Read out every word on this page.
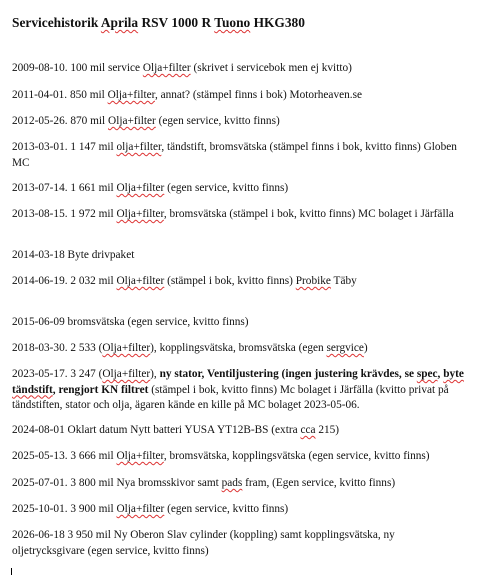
Servicehistorik Aprila RSV 1000 R Tuono HKG380
2009-08-10. 100 mil service Olja+filter (skrivet i servicebok men ej kvitto)
2011-04-01. 850 mil Olja+filter, annat? (stämpel finns i bok) Motorheaven.se
2012-05-26. 870 mil Olja+filter (egen service, kvitto finns)
2013-03-01. 1 147 mil olja+filter, tändstift, bromsvätska (stämpel finns i bok, kvitto finns) Globen MC
2013-07-14. 1 661 mil Olja+filter (egen service, kvitto finns)
2013-08-15. 1 972 mil Olja+filter, bromsvätska (stämpel i bok, kvitto finns) MC bolaget i Järfälla
2014-03-18 Byte drivpaket
2014-06-19. 2 032 mil Olja+filter (stämpel i bok, kvitto finns) Probike Täby
2015-06-09 bromsvätska (egen service, kvitto finns)
2018-03-30. 2 533 (Olja+filter), kopplingsvätska, bromsvätska (egen sergvice)
2023-05-17. 3 247 (Olja+filter), ny stator, Ventiljustering (ingen justering krävdes, se spec, byte tändstift, rengjort KN filtret (stämpel i bok, kvitto finns) Mc bolaget i Järfälla (kvitto privat på tändstiften, stator och olja, ägaren kände en kille på MC bolaget 2023-05-06.
2024-08-01 Oklart datum Nytt batteri YUSA YT12B-BS (extra cca 215)
2025-05-13. 3 666 mil Olja+filter, bromsvätska, kopplingsvätska (egen service, kvitto finns)
2025-07-01. 3 800 mil Nya bromsskivor samt pads fram, (Egen service, kvitto finns)
2025-10-01. 3 900 mil Olja+filter (egen service, kvitto finns)
2026-06-18 3 950 mil Ny Oberon Slav cylinder (koppling) samt kopplingsvätska, ny oljetrycksgivare (egen service, kvitto finns)
